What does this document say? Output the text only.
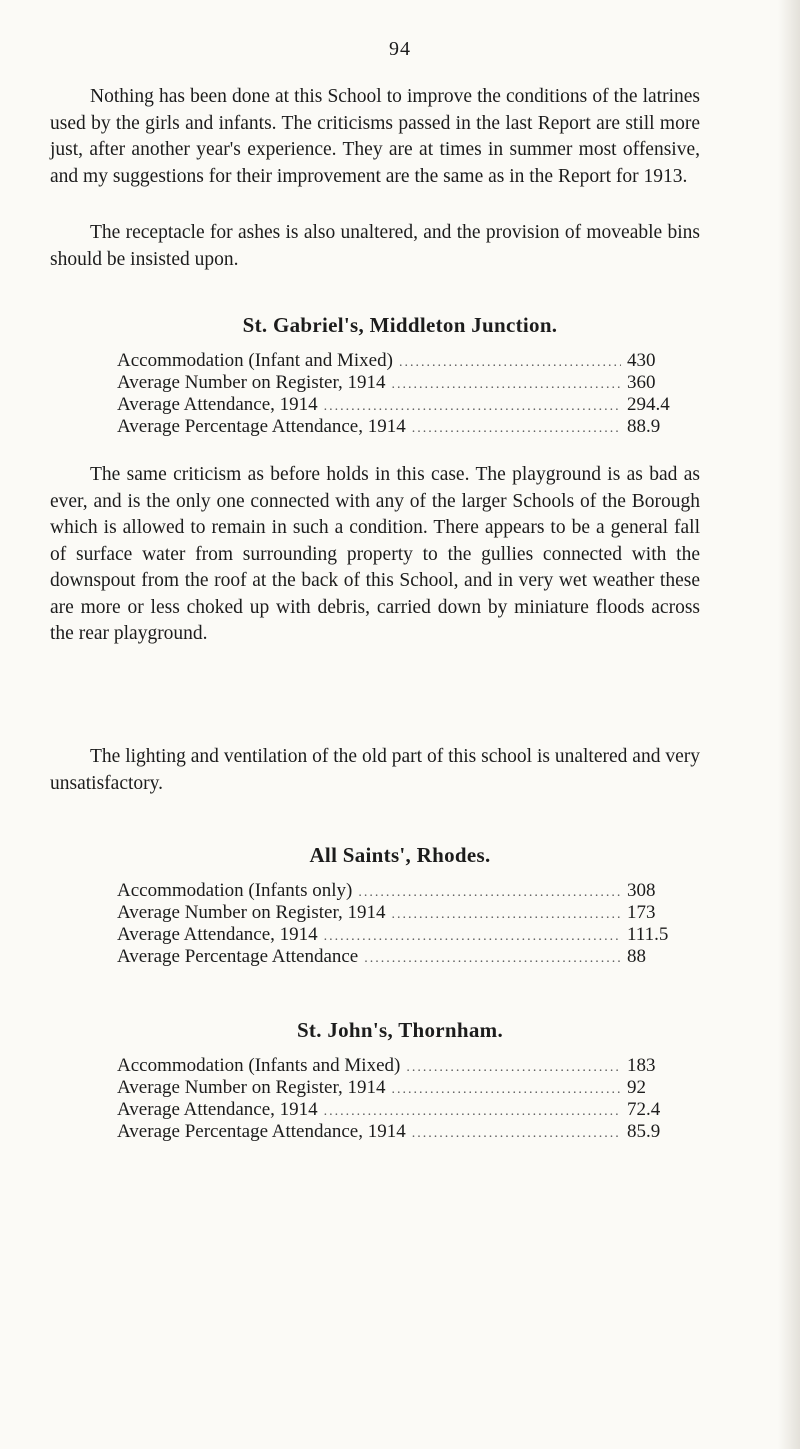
94

Nothing has been done at this School to improve the conditions of the latrines used by the girls and infants. The criticisms passed in the last Report are still more just, after another year's experience. They are at times in summer most offensive, and my suggestions for their improvement are the same as in the Report for 1913.

The receptacle for ashes is also unaltered, and the provision of moveable bins should be insisted upon.

St. Gabriel's, Middleton Junction.
Accommodation (Infant and Mixed) .....	430
Average Number on Register, 1914 .....	360
Average Attendance, 1914 .....	294.4
Average Percentage Attendance, 1914 .....	88.9

The same criticism as before holds in this case. The playground is as bad as ever, and is the only one connected with any of the larger Schools of the Borough which is allowed to remain in such a condition. There appears to be a general fall of surface water from surrounding property to the gullies connected with the downspout from the roof at the back of this School, and in very wet weather these are more or less choked up with debris, carried down by miniature floods across the rear playground.

The lighting and ventilation of the old part of this school is unaltered and very unsatisfactory.

All Saints', Rhodes.
Accommodation (Infants only) .....	308
Average Number on Register, 1914 .....	173
Average Attendance, 1914 .....	111.5
Average Percentage Attendance .....	88
St. John's, Thornham.
Accommodation (Infants and Mixed) .....	183
Average Number on Register, 1914 .....	92
Average Attendance, 1914 .....	72.4
Average Percentage Attendance, 1914 .....	85.9
